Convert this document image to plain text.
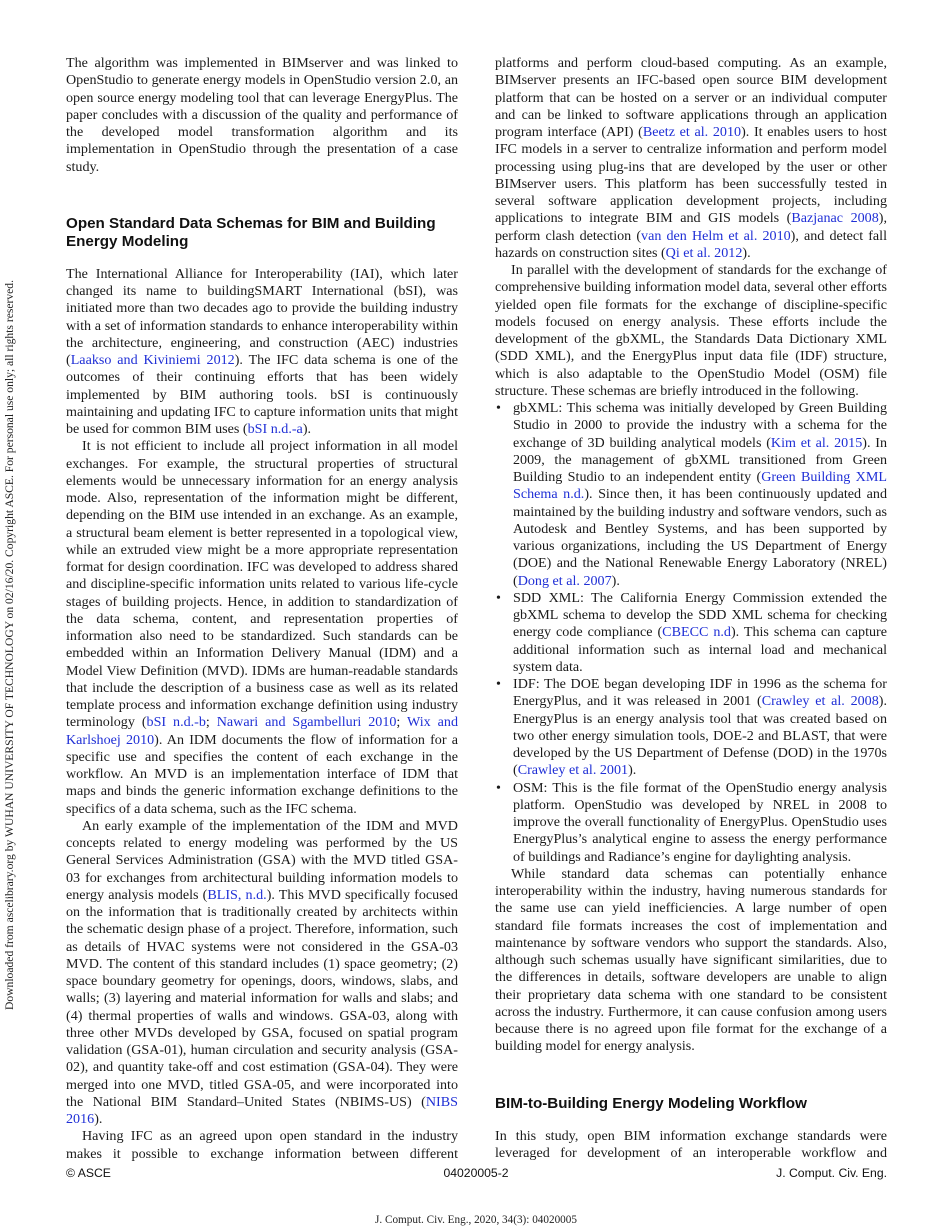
Downloaded from ascelibrary.org by WUHAN UNIVERSITY OF TECHNOLOGY on 02/16/20. Copyright ASCE. For personal use only; all rights reserved.

The algorithm was implemented in BIMserver and was linked to OpenStudio to generate energy models in OpenStudio version 2.0, an open source energy modeling tool that can leverage EnergyPlus. The paper concludes with a discussion of the quality and performance of the developed model transformation algorithm and its implementation in OpenStudio through the presentation of a case study.

Open Standard Data Schemas for BIM and Building Energy Modeling

The International Alliance for Interoperability (IAI), which later changed its name to buildingSMART International (bSI), was initiated more than two decades ago to provide the building industry with a set of information standards to enhance interoperability within the architecture, engineering, and construction (AEC) industries (Laakso and Kiviniemi 2012). The IFC data schema is one of the outcomes of their continuing efforts that has been widely implemented by BIM authoring tools. bSI is continuously maintaining and updating IFC to capture information units that might be used for common BIM uses (bSI n.d.-a).

It is not efficient to include all project information in all model exchanges. For example, the structural properties of structural elements would be unnecessary information for an energy analysis mode. Also, representation of the information might be different, depending on the BIM use intended in an exchange. As an example, a structural beam element is better represented in a topological view, while an extruded view might be a more appropriate representation format for design coordination. IFC was developed to address shared and discipline-specific information units related to various life-cycle stages of building projects. Hence, in addition to standardization of the data schema, content, and representation properties of information also need to be standardized. Such standards can be embedded within an Information Delivery Manual (IDM) and a Model View Definition (MVD). IDMs are human-readable standards that include the description of a business case as well as its related template process and information exchange definition using industry terminology (bSI n.d.-b; Nawari and Sgambelluri 2010; Wix and Karlshoej 2010). An IDM documents the flow of information for a specific use and specifies the content of each exchange in the workflow. An MVD is an implementation interface of IDM that maps and binds the generic information exchange definitions to the specifics of a data schema, such as the IFC schema.

An early example of the implementation of the IDM and MVD concepts related to energy modeling was performed by the US General Services Administration (GSA) with the MVD titled GSA-03 for exchanges from architectural building information models to energy analysis models (BLIS, n.d.). This MVD specifically focused on the information that is traditionally created by architects within the schematic design phase of a project. Therefore, information, such as details of HVAC systems were not considered in the GSA-03 MVD. The content of this standard includes (1) space geometry; (2) space boundary geometry for openings, doors, windows, slabs, and walls; (3) layering and material information for walls and slabs; and (4) thermal properties of walls and windows. GSA-03, along with three other MVDs developed by GSA, focused on spatial program validation (GSA-01), human circulation and security analysis (GSA-02), and quantity take-off and cost estimation (GSA-04). They were merged into one MVD, titled GSA-05, and were incorporated into the National BIM Standard–United States (NBIMS-US) (NIBS 2016).

Having IFC as an agreed upon open standard in the industry makes it possible to exchange information between different

platforms and perform cloud-based computing. As an example, BIMserver presents an IFC-based open source BIM development platform that can be hosted on a server or an individual computer and can be linked to software applications through an application program interface (API) (Beetz et al. 2010). It enables users to host IFC models in a server to centralize information and perform model processing using plug-ins that are developed by the user or other BIMserver users. This platform has been successfully tested in several software application development projects, including applications to integrate BIM and GIS models (Bazjanac 2008), perform clash detection (van den Helm et al. 2010), and detect fall hazards on construction sites (Qi et al. 2012).

In parallel with the development of standards for the exchange of comprehensive building information model data, several other efforts yielded open file formats for the exchange of discipline-specific models focused on energy analysis. These efforts include the development of the gbXML, the Standards Data Dictionary XML (SDD XML), and the EnergyPlus input data file (IDF) structure, which is also adaptable to the OpenStudio Model (OSM) file structure. These schemas are briefly introduced in the following.

• gbXML: This schema was initially developed by Green Building Studio in 2000 to provide the industry with a schema for the exchange of 3D building analytical models (Kim et al. 2015). In 2009, the management of gbXML transitioned from Green Building Studio to an independent entity (Green Building XML Schema n.d.). Since then, it has been continuously updated and maintained by the building industry and software vendors, such as Autodesk and Bentley Systems, and has been supported by various organizations, including the US Department of Energy (DOE) and the National Renewable Energy Laboratory (NREL) (Dong et al. 2007).
• SDD XML: The California Energy Commission extended the gbXML schema to develop the SDD XML schema for checking energy code compliance (CBECC n.d). This schema can capture additional information such as internal load and mechanical system data.
• IDF: The DOE began developing IDF in 1996 as the schema for EnergyPlus, and it was released in 2001 (Crawley et al. 2008). EnergyPlus is an energy analysis tool that was created based on two other energy simulation tools, DOE-2 and BLAST, that were developed by the US Department of Defense (DOD) in the 1970s (Crawley et al. 2001).
• OSM: This is the file format of the OpenStudio energy analysis platform. OpenStudio was developed by NREL in 2008 to improve the overall functionality of EnergyPlus. OpenStudio uses EnergyPlus’s analytical engine to assess the energy performance of buildings and Radiance’s engine for daylighting analysis.

While standard data schemas can potentially enhance interoperability within the industry, having numerous standards for the same use can yield inefficiencies. A large number of open standard file formats increases the cost of implementation and maintenance by software vendors who support the standards. Also, although such schemas usually have significant similarities, due to the differences in details, software developers are unable to align their proprietary data schema with one standard to be consistent across the industry. Furthermore, it can cause confusion among users because there is no agreed upon file format for the exchange of a building model for energy analysis.

BIM-to-Building Energy Modeling Workflow

In this study, open BIM information exchange standards were leveraged for development of an interoperable workflow and

© ASCE	04020005-2	J. Comput. Civ. Eng.
J. Comput. Civ. Eng., 2020, 34(3): 04020005
